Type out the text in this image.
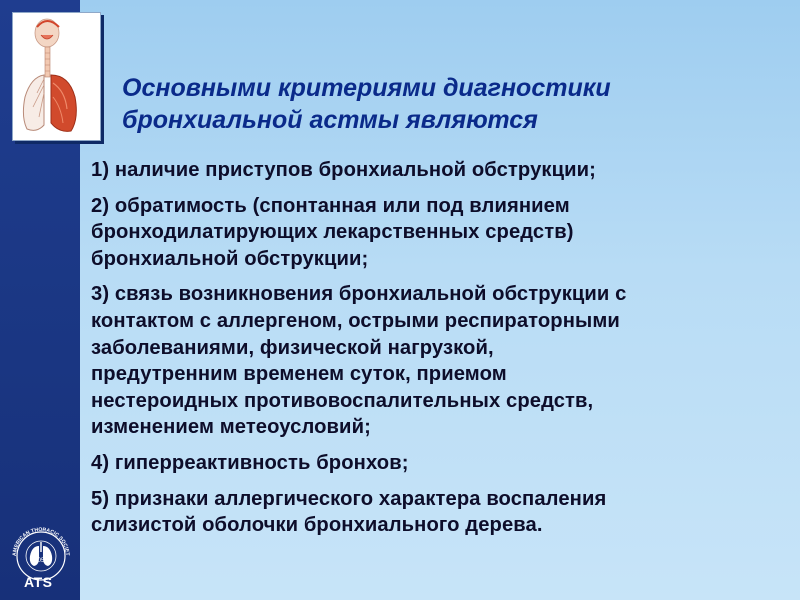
Основными критериями диагностики
бронхиальной астмы являются
1) наличие приступов бронхиальной обструкции;
2) обратимость (спонтанная или под влиянием
бронходилатирующих лекарственных средств)
бронхиальной обструкции;
3) связь возникновения бронхиальной обструкции с
контактом с аллергеном, острыми респираторными
заболеваниями, физической нагрузкой,
предутренним временем суток, приемом
нестероидных противовоспалительных средств,
изменением метеоусловий;
4) гиперреактивность бронхов;
5) признаки аллергического характера воспаления
слизистой оболочки бронхиального дерева.
AMERICAN THORACIC SOCIET
1905
ATS
